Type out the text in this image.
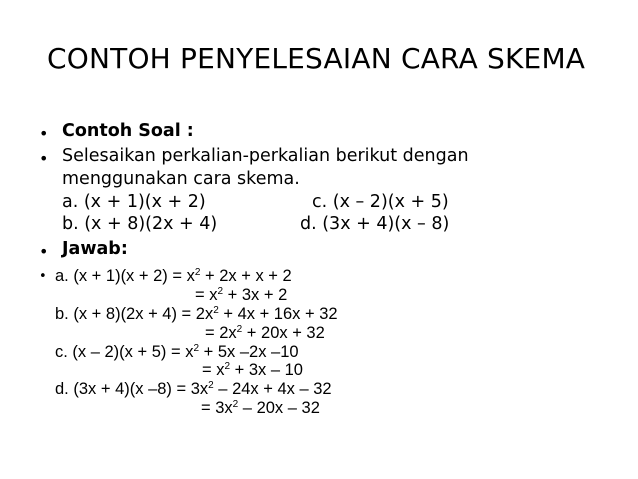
CONTOH PENYELESAIAN CARA SKEMA
• Contoh Soal :
• Selesaikan perkalian-perkalian berikut dengan
menggunakan cara skema.
a. (x + 1)(x + 2)	c. (x – 2)(x + 5)
b. (x + 8)(2x + 4)	d. (3x + 4)(x – 8)
• Jawab:
• a. $(x + 1)(x + 2) = x^2 + 2x + x + 2$
= $x^2 + 3x + 2$
b. $(x + 8)(2x + 4) = 2x^2 + 4x + 16x + 32$
= $2x^2 + 20x + 32$
c. $(x - 2)(x + 5) = x^2 + 5x$ –2x –10
= $x^2 + 3x - 10$
d. (3x + 4)(x $-8) = 3x^2 - 24x + 4x - 32$
= $3x^2 - 20x - 32$
